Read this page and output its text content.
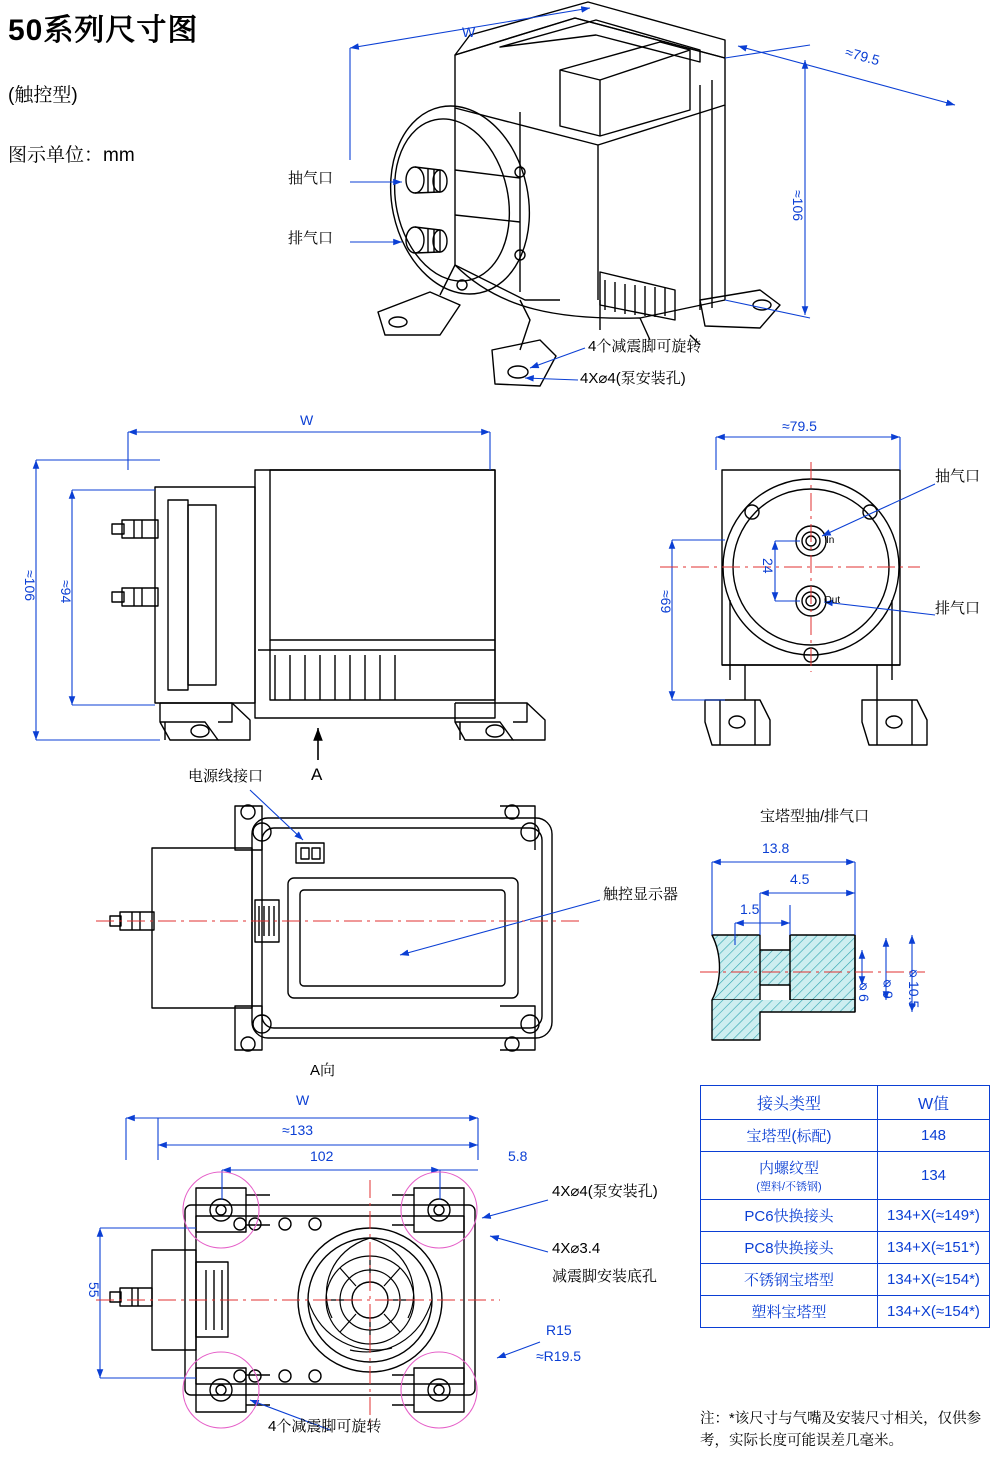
50系列尺寸图
(触控型)
图示单位：mm
抽气口
排气口
W
≈79.5
≈106
4个减震脚可旋转
4X⌀4(泵安装孔)
W
≈106 ≈94
A
≈79.5
≈69
24
抽气口
排气口
In
Out
电源线接口
触控显示器
宝塔型抽/排气口
13.8
4.5
1.5
⌀6 ⌀9 ⌀10.5
A向
W
≈133
102	5.8
55
4X⌀4(泵安装孔)
4X⌀3.4
减震脚安装底孔
R15
≈R19.5
4个减震脚可旋转
接头类型	W值
宝塔型(标配)	148

内螺纹型
(塑料/不锈钢)	134
PC6快换接头	134+X(≈149*)
PC8快换接头	134+X(≈151*)
不锈钢宝塔型	134+X(≈154*)
塑料宝塔型	134+X(≈154*)
注：*该尺寸与气嘴及安装尺寸相关，仅供参
考，实际长度可能误差几毫米。
